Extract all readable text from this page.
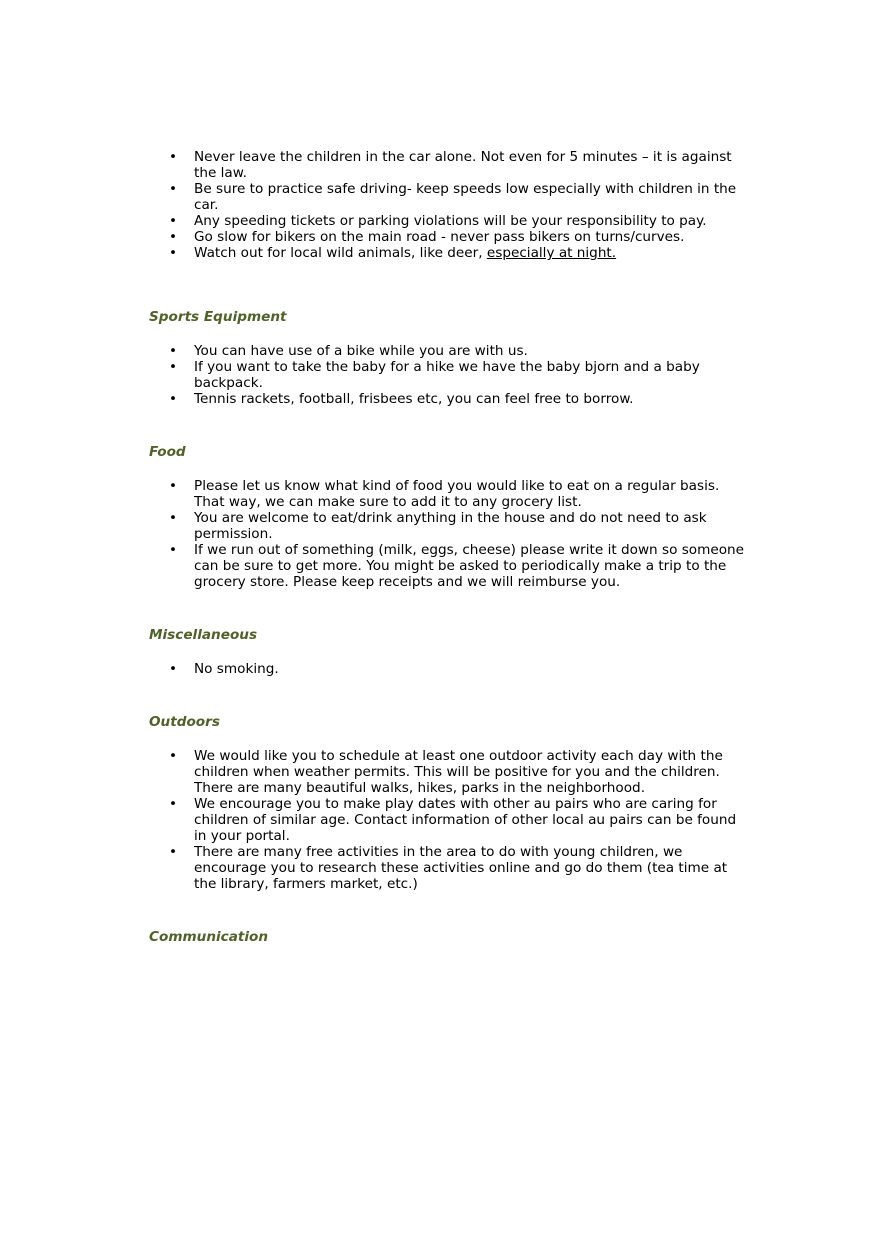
• Never leave the children in the car alone. Not even for 5 minutes – it is against the law.
• Be sure to practice safe driving- keep speeds low especially with children in the car.
• Any speeding tickets or parking violations will be your responsibility to pay.
• Go slow for bikers on the main road - never pass bikers on turns/curves.
• Watch out for local wild animals, like deer, especially at night.
Sports Equipment
• You can have use of a bike while you are with us.
• If you want to take the baby for a hike we have the baby bjorn and a baby backpack.
• Tennis rackets, football, frisbees etc, you can feel free to borrow.
Food
• Please let us know what kind of food you would like to eat on a regular basis. That way, we can make sure to add it to any grocery list.
• You are welcome to eat/drink anything in the house and do not need to ask permission.
• If we run out of something (milk, eggs, cheese) please write it down so someone can be sure to get more. You might be asked to periodically make a trip to the grocery store. Please keep receipts and we will reimburse you.
Miscellaneous
• No smoking.
Outdoors
• We would like you to schedule at least one outdoor activity each day with the children when weather permits. This will be positive for you and the children. There are many beautiful walks, hikes, parks in the neighborhood.
• We encourage you to make play dates with other au pairs who are caring for children of similar age. Contact information of other local au pairs can be found in your portal.
• There are many free activities in the area to do with young children, we encourage you to research these activities online and go do them (tea time at the library, farmers market, etc.)
Communication
